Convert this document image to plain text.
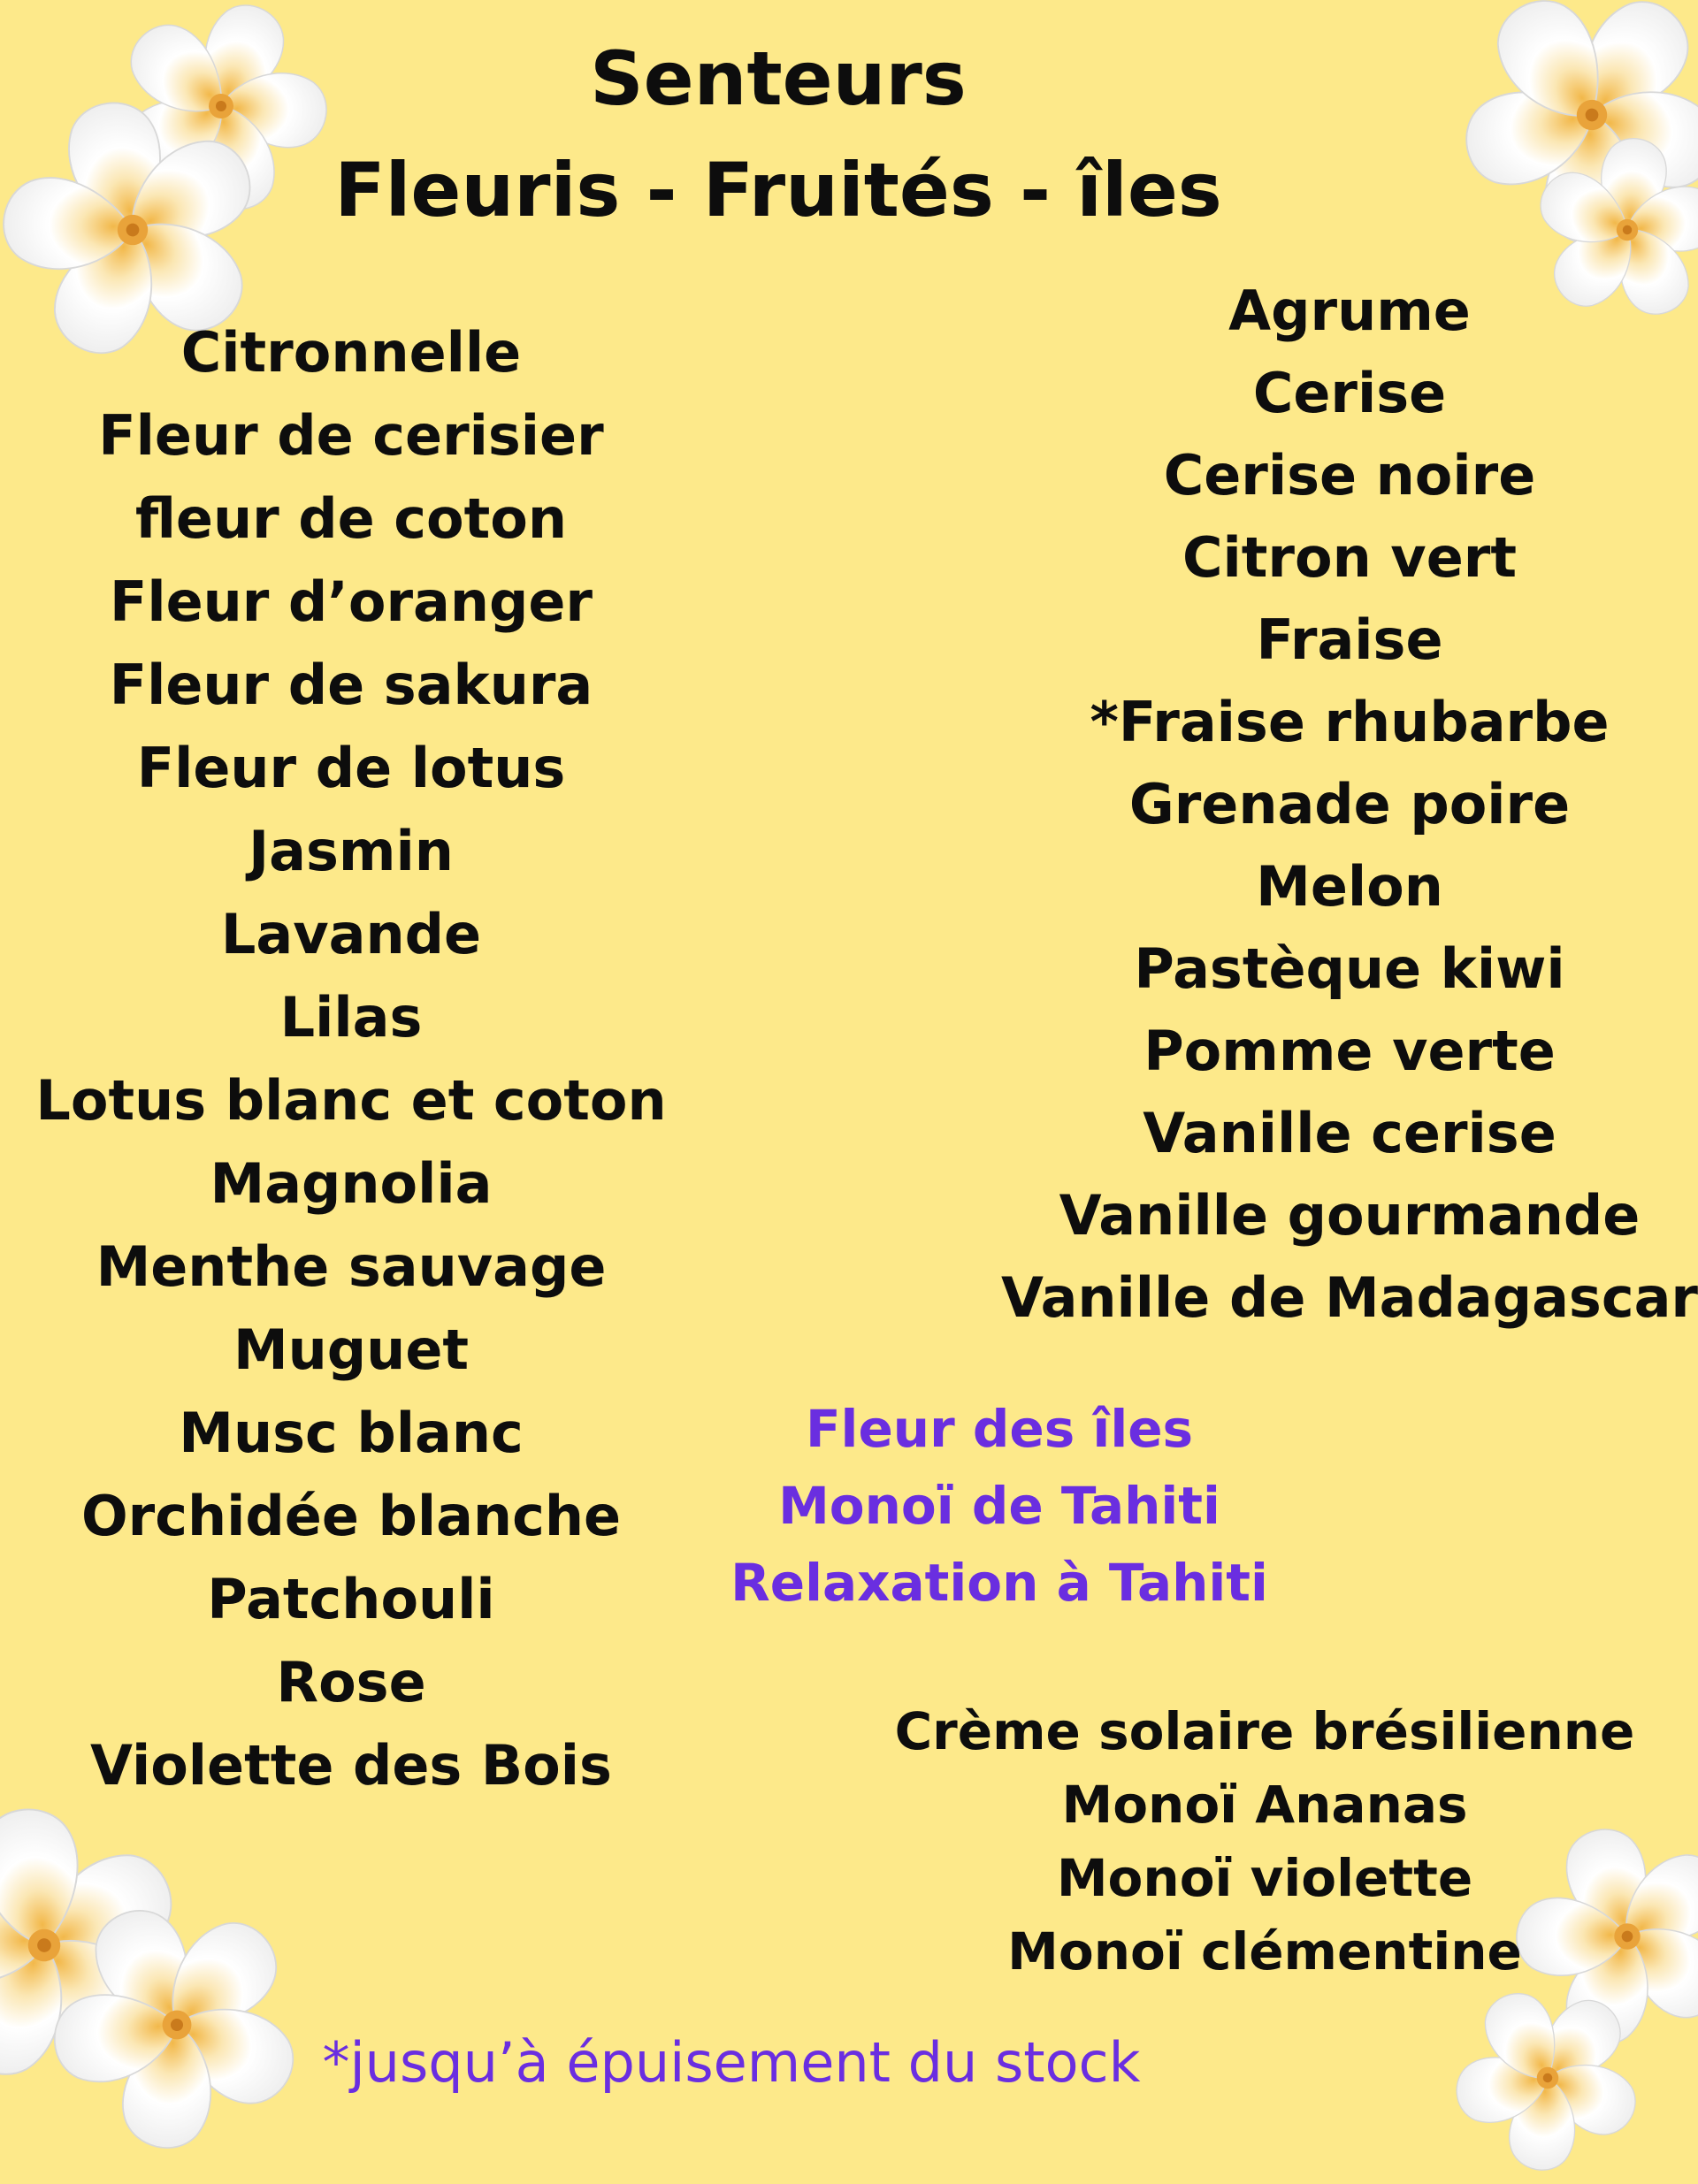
Senteurs
Fleuris - Fruités - îles
Citronnelle
Fleur de cerisier
fleur de coton
Fleur d’oranger
Fleur de sakura
Fleur de lotus
Jasmin
Lavande
Lilas
Lotus blanc et coton
Magnolia
Menthe sauvage
Muguet
Musc blanc
Orchidée blanche
Patchouli
Rose
Violette des Bois
Agrume
Cerise
Cerise noire
Citron vert
Fraise
*Fraise rhubarbe
Grenade poire
Melon
Pastèque kiwi
Pomme verte
Vanille cerise
Vanille gourmande
Vanille de Madagascar
Fleur des îles
Monoï de Tahiti
Relaxation à Tahiti
Crème solaire brésilienne
Monoï Ananas
Monoï violette
Monoï clémentine
*jusqu’à épuisement du stock
